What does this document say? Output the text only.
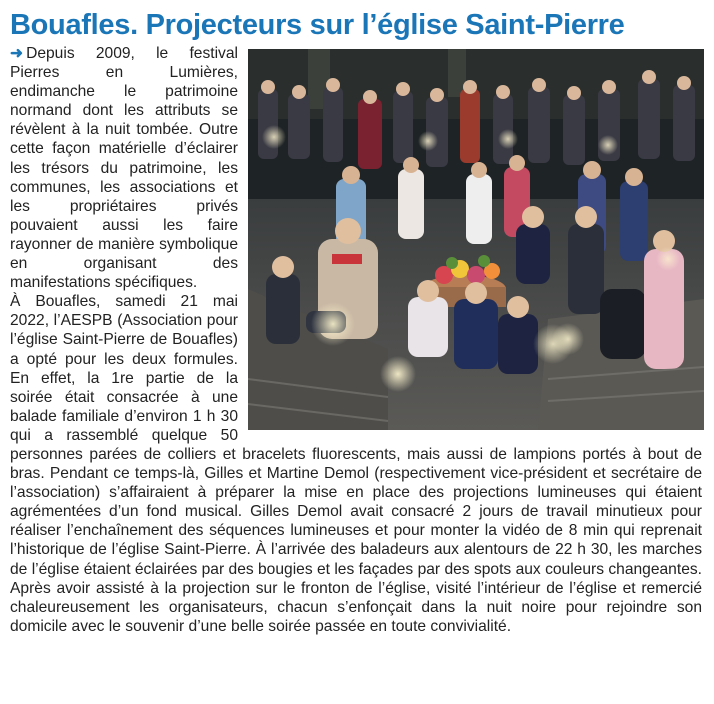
Bouafles. Projecteurs sur l’église Saint-Pierre

➜ Depuis 2009, le festival Pierres en Lumières, endimanche le patrimoine normand dont les attributs se révèlent à la nuit tombée. Outre cette façon matérielle d’éclairer les trésors du patrimoine, les communes, les associations et les propriétaires privés pouvaient aussi les faire rayonner de manière symbolique en organisant des manifestations spécifiques.

À Bouafles, samedi 21 mai 2022, l’AESPB (Association pour l’église Saint-Pierre de Bouafles) a opté pour les deux formules. En effet, la 1re partie de la soirée était consacrée à une balade familiale d’environ 1 h 30 qui a rassemblé quelque 50 personnes parées de colliers et bracelets fluorescents, mais aussi de lampions portés à bout de bras. Pendant ce temps-là, Gilles et Martine Demol (respectivement vice-président et secrétaire de l’association) s’affairaient à préparer la mise en place des projections lumineuses qui étaient agrémentées d’un fond musical. Gilles Demol avait consacré 2 jours de travail minutieux pour réaliser l’enchaînement des séquences lumineuses et pour monter la vidéo de 8 min qui reprenait l’historique de l’église Saint-Pierre. À l’arrivée des baladeurs aux alentours de 22 h 30, les marches de l’église étaient éclairées par des bougies et les façades par des spots aux couleurs changeantes. Après avoir assisté à la projection sur le fronton de l’église, visité l’intérieur de l’église et remercié chaleureusement les organisateurs, chacun s’enfonçait dans la nuit noire pour rejoindre son domicile avec le souvenir d’une belle soirée passée en toute convivialité.
